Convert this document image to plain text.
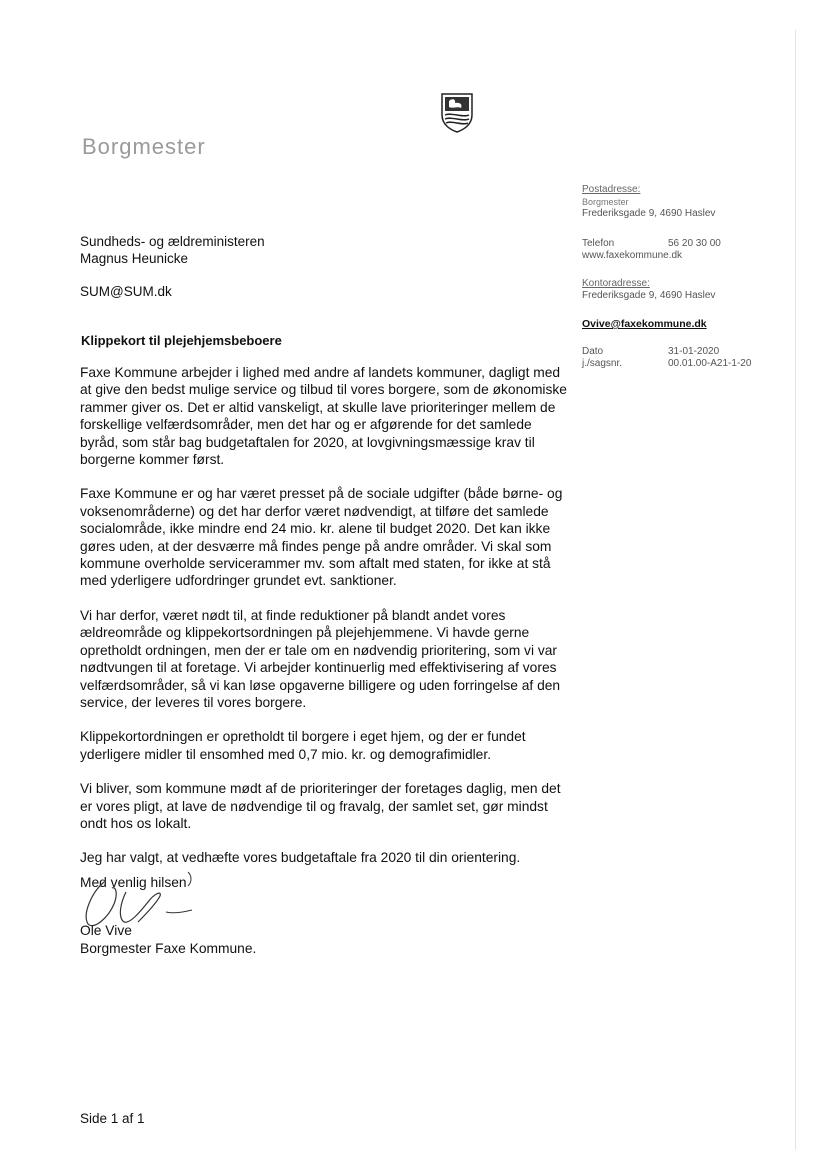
Borgmester
Postadresse:
Borgmester
Frederiksgade 9, 4690 Haslev
Telefon	56 20 30 00
www.faxekommune.dk
Kontoradresse:
Frederiksgade 9, 4690 Haslev
Ovive@faxekommune.dk
Dato	31-01-2020
j./sagsnr.	00.01.00-A21-1-20
Sundheds- og ældreministeren
Magnus Heunicke
SUM@SUM.dk
Klippekort til plejehjemsbeboere

Faxe Kommune arbejder i lighed med andre af landets kommuner, dagligt med at give den bedst mulige service og tilbud til vores borgere, som de økonomiske rammer giver os. Det er altid vanskeligt, at skulle lave prioriteringer mellem de forskellige velfærdsområder, men det har og er afgørende for det samlede byråd, som står bag budgetaftalen for 2020, at lovgivningsmæssige krav til borgerne kommer først.

Faxe Kommune er og har været presset på de sociale udgifter (både børne- og voksenområderne) og det har derfor været nødvendigt, at tilføre det samlede socialområde, ikke mindre end 24 mio. kr. alene til budget 2020. Det kan ikke gøres uden, at der desværre må findes penge på andre områder. Vi skal som kommune overholde servicerammer mv. som aftalt med staten, for ikke at stå med yderligere udfordringer grundet evt. sanktioner.

Vi har derfor, været nødt til, at finde reduktioner på blandt andet vores ældreområde og klippekortsordningen på plejehjemmene. Vi havde gerne opretholdt ordningen, men der er tale om en nødvendig prioritering, som vi var nødtvungen til at foretage. Vi arbejder kontinuerlig med effektivisering af vores velfærdsområder, så vi kan løse opgaverne billigere og uden forringelse af den service, der leveres til vores borgere.

Klippekortordningen er opretholdt til borgere i eget hjem, og der er fundet yderligere midler til ensomhed med 0,7 mio. kr. og demografimidler.

Vi bliver, som kommune mødt af de prioriteringer der foretages daglig, men det er vores pligt, at lave de nødvendige til og fravalg, der samlet set, gør mindst ondt hos os lokalt.

Jeg har valgt, at vedhæfte vores budgetaftale fra 2020 til din orientering.

Med venlig hilsen
Ole Vive
Borgmester Faxe Kommune.
Side 1 af 1
